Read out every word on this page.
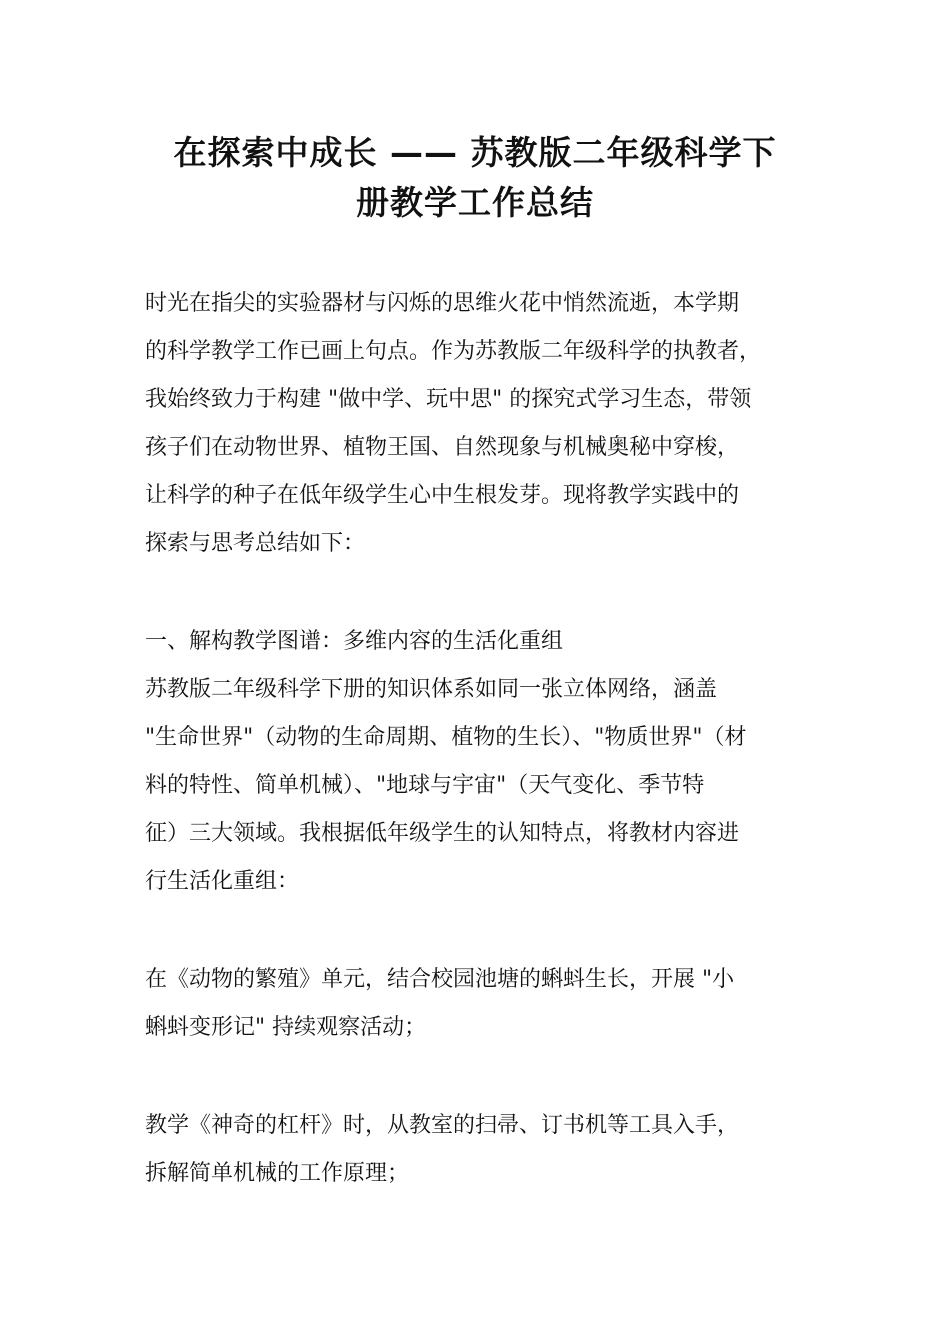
在探索中成长 —— 苏教版二年级科学下
册教学工作总结
时光在指尖的实验器材与闪烁的思维火花中悄然流逝，本学期
的科学教学工作已画上句点。作为苏教版二年级科学的执教者，
我始终致力于构建 "做中学、玩中思" 的探究式学习生态，带领
孩子们在动物世界、植物王国、自然现象与机械奥秘中穿梭，
让科学的种子在低年级学生心中生根发芽。现将教学实践中的
探索与思考总结如下：
一、解构教学图谱：多维内容的生活化重组
苏教版二年级科学下册的知识体系如同一张立体网络，涵盖
"生命世界"（动物的生命周期、植物的生长）、"物质世界"（材
料的特性、简单机械）、"地球与宇宙"（天气变化、季节特
征）三大领域。我根据低年级学生的认知特点，将教材内容进
行生活化重组：
在《动物的繁殖》单元，结合校园池塘的蝌蚪生长，开展 "小
蝌蚪变形记" 持续观察活动；
教学《神奇的杠杆》时，从教室的扫帚、订书机等工具入手，
拆解简单机械的工作原理；
